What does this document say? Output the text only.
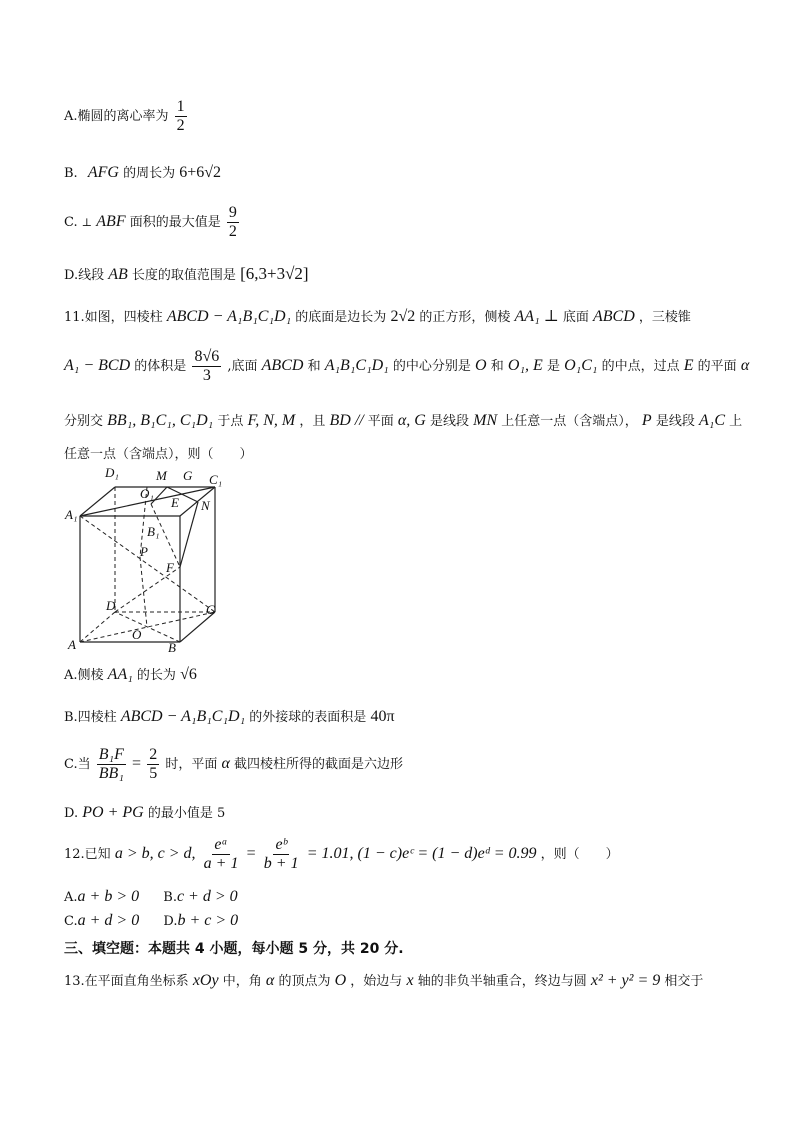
A.椭圆的离心率为 $\frac{1}{2}$
B. AFG 的周长为 6+6√2
C. ⊥ ABF 面积的最大值是 $\frac{9}{2}$
D.线段 AB 长度的取值范围是 [6,3+3√2]
11.如图，四棱柱 ABCD − A₁B₁C₁D₁ 的底面是边长为 2√2 的正方形，侧棱 AA₁ ⊥ 底面 ABCD ，三棱锥
A₁ − BCD 的体积是 $\frac{8√6}{3}$ ,底面 ABCD 和 A₁B₁C₁D₁ 的中心分别是 O 和 O₁, E 是 O₁C₁ 的中点，过点 E 的平面 α
分别交 BB₁, B₁C₁, C₁D₁ 于点 F, N, M ，且 BD // 平面 α, G 是线段 MN 上任意一点（含端点）， P 是线段 A₁C 上
任意一点（含端点），则（　　）
D₁	M G C₁
O₁
E N
A₁
B₁
P
F
D	C
A
O
B
A.侧棱 AA₁ 的长为 √6
B.四棱柱 ABCD − A₁B₁C₁D₁ 的外接球的表面积是 40π
C.当 $\frac{\text{B₁F}}{\text{BB₁}} = \frac{2}{5}$ 时，平面 α 截四棱柱所得的截面是六边形
D. PO + PG 的最小值是 5
12.已知 a > b, c > d, $\frac{\text{eᵃ}}{a + 1} = \frac{\text{eᵇ}}{b + 1} = 1.01$, (1 − c)eᶜ = (1 − d)eᵈ = 0.99 ，则（　　）
A.a + b > 0 B.c + d > 0
C.a + d > 0 D.b + c > 0
三、填空题：本题共 4 小题，每小题 5 分，共 20 分.
13.在平面直角坐标系 xOy 中，角 α 的顶点为 O ，始边与 x 轴的非负半轴重合，终边与圆 x² + y² = 9 相交于
